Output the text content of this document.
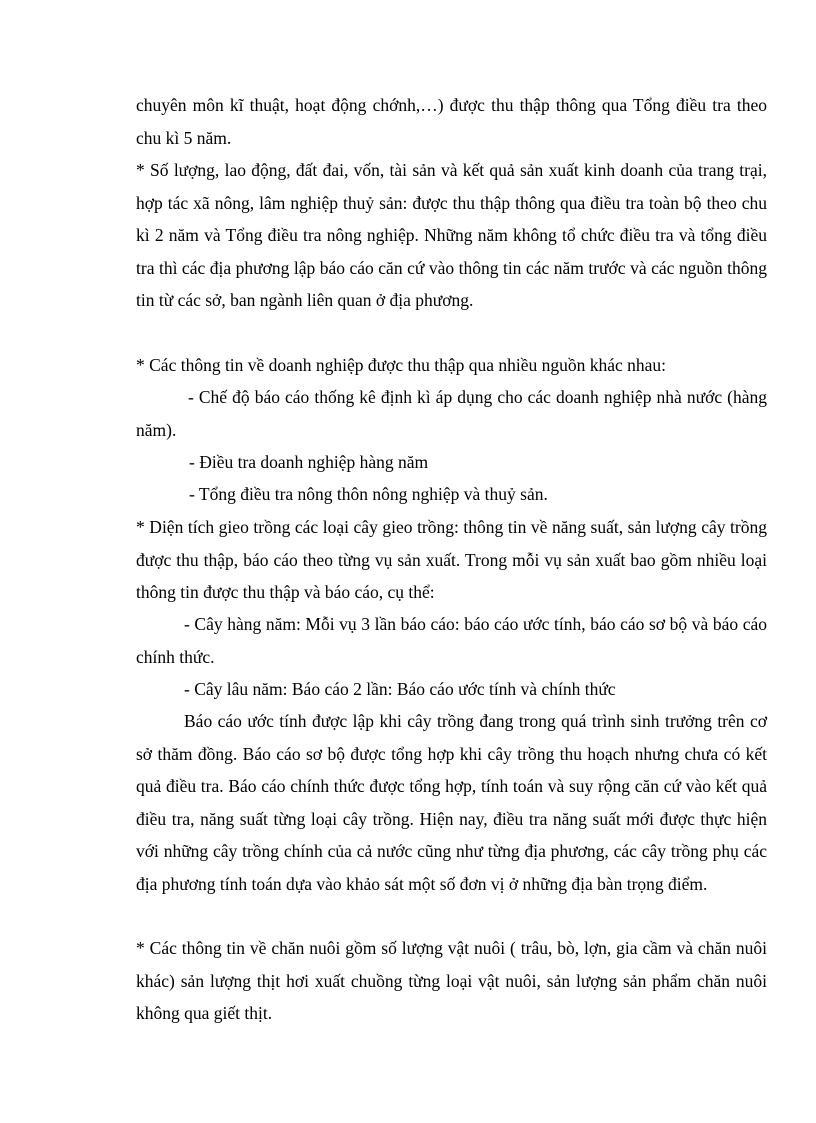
chuyên môn kĩ thuật, hoạt động chớnh,…) được thu thập thông qua Tổng điều tra theo chu kì 5 năm.

* Số lượng, lao động, đất đai, vốn, tài sản và kết quả sản xuất kinh doanh của trang trại, hợp tác xã nông, lâm nghiệp thuỷ sản: được thu thập thông qua điều tra toàn bộ theo chu kì 2 năm và Tổng điều tra nông nghiệp. Những năm không tổ chức điều tra và tổng điều tra thì các địa phương lập báo cáo căn cứ vào thông tin các năm trước và các nguồn thông tin từ các sở, ban ngành liên quan ở địa phương.

* Các thông tin về doanh nghiệp được thu thập qua nhiều nguồn khác nhau:

- Chế độ báo cáo thống kê định kì áp dụng cho các doanh nghiệp nhà nước (hàng năm).

- Điều tra doanh nghiệp hàng năm

- Tổng điều tra nông thôn nông nghiệp và thuỷ sản.

* Diện tích gieo trồng các loại cây gieo trồng: thông tin về năng suất, sản lượng cây trồng được thu thập, báo cáo theo từng vụ sản xuất. Trong mỗi vụ sản xuất bao gồm nhiều loại thông tin được thu thập và báo cáo, cụ thể:

- Cây hàng năm: Mỗi vụ 3 lần báo cáo: báo cáo ước tính, báo cáo sơ bộ và báo cáo chính thức.

- Cây lâu năm: Báo cáo 2 lần: Báo cáo ước tính và chính thức

Báo cáo ước tính được lập khi cây trồng đang trong quá trình sinh trưởng trên cơ sở thăm đồng. Báo cáo sơ bộ được tổng hợp khi cây trồng thu hoạch nhưng chưa có kết quả điều tra. Báo cáo chính thức được tổng hợp, tính toán và suy rộng căn cứ vào kết quả điều tra, năng suất từng loại cây trồng. Hiện nay, điều tra năng suất mới được thực hiện với những cây trồng chính của cả nước cũng như từng địa phương, các cây trồng phụ các địa phương tính toán dựa vào khảo sát một số đơn vị ở những địa bàn trọng điểm.

* Các thông tin về chăn nuôi gồm số lượng vật nuôi ( trâu, bò, lợn, gia cầm và chăn nuôi khác) sản lượng thịt hơi xuất chuồng từng loại vật nuôi, sản lượng sản phẩm chăn nuôi không qua giết thịt.
